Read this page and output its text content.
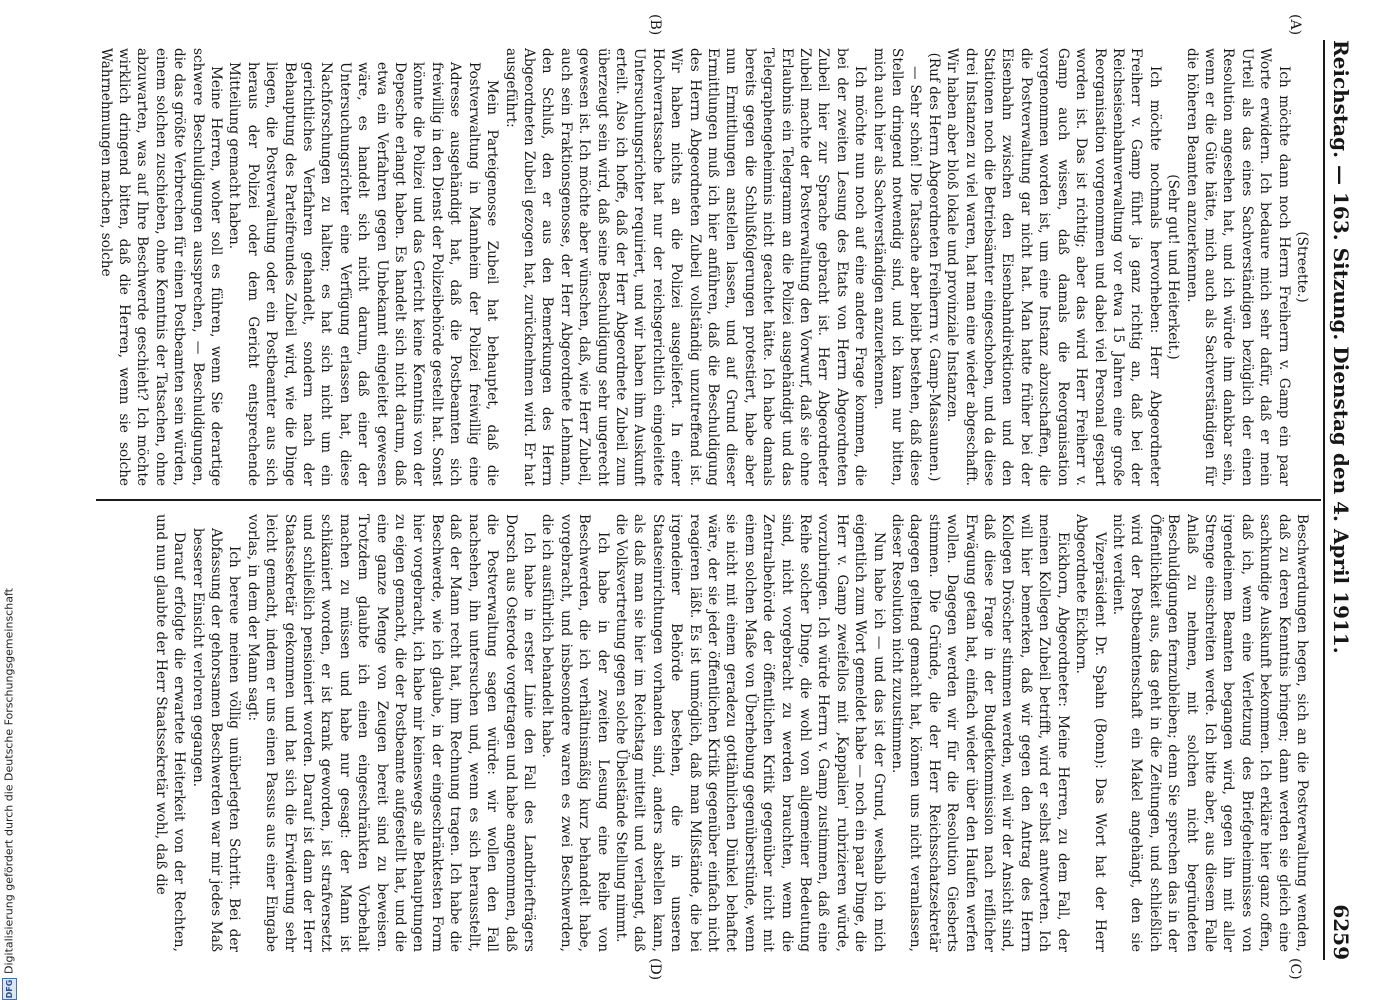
Reichstag. — 163. Sitzung.
Dienstag den 4. April 1911.
6259
(A)
(B)
(C)
(D)

(Streette.)

Ich möchte dann noch Herrn Freiherrn v. Gamp ein paar Worte erwidern. Ich bedaure mich sehr dafür, daß er mein Urteil als das eines Sachverständigen bezüglich der einen Resolution angesehen hat, und ich würde ihm dankbar sein, wenn er die Güte hätte, mich auch als Sachverständigen für die höheren Beamten anzuerkennen.

(Sehr gut! und Heiterkeit.)

Ich möchte nochmals hervorheben: Herr Abgeordneter Freiherr v. Gamp führt ja ganz richtig an, daß bei der Reichseisenbahnverwaltung vor etwa 15 Jahren eine große Reorganisation vorgenommen und dabei viel Personal gespart worden ist. Das ist richtig; aber das wird Herr Freiherr v. Gamp auch wissen, daß damals die Reorganisation vorgenommen worden ist, um eine Instanz abzuschaffen, die die Postverwaltung gar nicht hat. Man hatte früher bei der Eisenbahn zwischen den Eisenbahndirektionen und den Stationen noch die Betriebsämter eingeschoben, und da diese drei Instanzen zu viel waren, hat man eine wieder abgeschafft. Wir haben aber bloß lokale und provinziale Instanzen.

(Ruf des Herrn Abgeordneten Freiherrn v. Gamp-Massaunen.)

— Sehr schön! Die Tatsache aber bleibt bestehen, daß diese Stellen dringend notwendig sind, und ich kann nur bitten, mich auch hier als Sachverständigen anzuerkennen.

Ich möchte nun noch auf eine andere Frage kommen, die bei der zweiten Lesung des Etats von Herrn Abgeordneten Zubeil hier zur Sprache gebracht ist. Herr Abgeordneter Zubeil machte der Postverwaltung den Vorwurf, daß sie ohne Erlaubnis ein Telegramm an die Polizei ausgehändigt und das Telegraphengeheimnis nicht geachtet hätte. Ich habe damals bereits gegen die Schlußfolgerungen protestiert, habe aber nun Ermittlungen anstellen lassen, und auf Grund dieser Ermittlungen muß ich hier anführen, daß die Beschuldigung des Herrn Abgeordneten Zubeil vollständig unzutreffend ist. Wir haben nichts an die Polizei ausgeliefert. In einer Hochverratssache hat nur der reichsgerichtlich eingeleitete Untersuchungsrichter requiriert, und wir haben ihm Auskunft erteilt. Also ich hoffe, daß der Herr Abgeordnete Zubeil zum überzeugt sein wird, daß seine Beschuldigung sehr ungerecht gewesen ist. Ich möchte aber wünschen, daß, wie Herr Zubeil, auch sein Fraktionsgenosse, der Herr Abgeordnete Lehmann, den Schluß, den er aus den Bemerkungen des Herrn Abgeordneten Zubeil gezogen hat, zurücknehmen wird. Er hat ausgeführt:

Mein Parteigenosse Zubeil hat behauptet, daß die Postverwaltung in Mannheim der Polizei freiwillig eine Adresse ausgehändigt hat, daß die Postbeamten sich freiwillig in den Dienst der Polizeibehörde gestellt hat. Sonst könnte die Polizei und das Gericht keine Kenntnis von der Depesche erlangt haben. Es handelt sich nicht darum, daß etwa ein Verfahren gegen Unbekannt eingeleitet gewesen wäre, es handelt sich nicht darum, daß einer der Untersuchungsrichter eine Verfügung erlassen hat, diese Nachforschungen zu halten; es hat sich nicht um ein gerichtliches Verfahren gehandelt, sondern nach der Behauptung des Parteifreundes Zubeil wird, wie die Dinge liegen, die Postverwaltung oder ein Postbeamter aus sich heraus der Polizei oder dem Gericht entsprechende Mitteilung gemacht haben.

Meine Herren, woher soll es führen, wenn Sie derartige schwere Beschuldigungen aussprechen, — Beschuldigungen, die das größte Verbrechen für einen Postbeamten sein würden, einem solchen zuschieben, ohne Kenntnis der Tatsachen, ohne abzuwarten, was auf Ihre Beschwerde geschieht? Ich möchte wirklich dringend bitten, daß die Herren, wenn sie solche Wahrnehmungen machen, solche

Beschwerdungen hegen, sich an die Postverwaltung wenden, daß zu deren Kenntnis bringen; dann werden sie gleich eine sachkundige Auskunft bekommen. Ich erkläre hier ganz offen, daß ich, wenn eine Verletzung des Briefgeheimnisses von irgendeinem Beamten begangen wird, gegen ihn mit aller Strenge einschreiten werde. Ich bitte aber, aus diesem Falle Anlaß zu nehmen, mit solchen nicht begründeten Beschuldigungen fernzubleiben; denn Sie sprechen das in der Öffentlichkeit aus, das geht in die Zeitungen, und schließlich wird der Postbeamtenschaft ein Makel angehängt, den sie nicht verdient.

Vizepräsident Dr. Spahn (Bonn): Das Wort hat der Herr Abgeordnete Eickhorn.

Eickhorn, Abgeordneter: Meine Herren, zu dem Fall, der meinen Kollegen Zubeil betrifft, wird er selbst antworten. Ich will hier bemerken, daß wir gegen den Antrag des Herrn Kollegen Dröscher stimmen werden, weil wir der Ansicht sind, daß diese Frage in der Budgetkommission nach reiflicher Erwägung getan hat, einfach wieder über den Haufen werfen wollen. Dagegen werden wir für die Resolution Giesberts stimmen. Die Gründe, die der Herr Reichsschatzsekretär dagegen geltend gemacht hat, können uns nicht veranlassen, dieser Resolution nicht zuzustimmen.

Nun habe ich — und das ist der Grund, weshalb ich mich eigentlich zum Wort gemeldet habe — noch ein paar Dinge, die Herr v. Gamp zweifellos mit ‚Kappalien' rubrizieren würde, vorzubringen. Ich würde Herrn v. Gamp zustimmen, daß eine Reihe solcher Dinge, die wohl von allgemeiner Bedeutung sind, nicht vorgebracht zu werden brauchten, wenn die Zentralbehörde der öffentlichen Kritik gegenüber nicht mit einem solchen Maße von Überhebung gegenüberstünde, wenn sie nicht mit einem geradezu gottähnlichen Dünkel behaftet wäre, der sie jeder öffentlichen Kritik gegenüber einfach nicht reagieren läßt. Es ist unmöglich, daß man Mißstände, die bei irgendeiner Behörde bestehen, die in unseren Staatseinrichtungen vorhanden sind, anders abstellen kann, als daß man sie hier im Reichstag mitteilt und verlangt, daß die Volksvertretung gegen solche Übelstände Stellung nimmt.

Ich habe in der zweiten Lesung eine Reihe von Beschwerden, die ich verhältnismäßig kurz behandelt habe, vorgebracht, und insbesondere waren es zwei Beschwerden, die ich ausführlich behandelt habe.

Ich habe in erster Linie den Fall des Landbriefträgers Dorsch aus Osterode vorgetragen und habe angenommen, daß die Postverwaltung sagen würde: wir wollen den Fall nachsehen, ihn untersuchen und, wenn es sich herausstellt, daß der Mann recht hat, ihm Rechnung tragen. Ich habe die Beschwerde, wie ich glaube, in der eingeschränktesten Form hier vorgebracht, ich habe mir keineswegs alle Behauptungen zu eigen gemacht, die der Postbeamte aufgestellt hat, und die eine ganze Menge von Zeugen bereit sind zu beweisen. Trotzdem glaubte ich einen eingeschränkten Vorbehalt machen zu müssen und habe nur gesagt: der Mann ist schikaniert worden, er ist krank geworden, ist strafversetzt und schließlich pensioniert worden. Darauf ist dann der Herr Staatssekretär gekommen und hat sich die Erwiderung sehr leicht gemacht, indem er uns einen Passus aus einer Eingabe vorlas, in dem der Mann sagt:

Ich bereue meinen völlig unüberlegten Schritt. Bei der Abfassung der gehorsamen Beschwerden war mir jedes Maß besserer Einsicht verloren gegangen.

Darauf erfolgte die erwartete Heiterkeit von der Rechten, und nun glaubte der Herr Staatssekretär wohl, daß die

DFGDigitalisierung gefördert durch die Deutsche Forschungsgemeinschaft
